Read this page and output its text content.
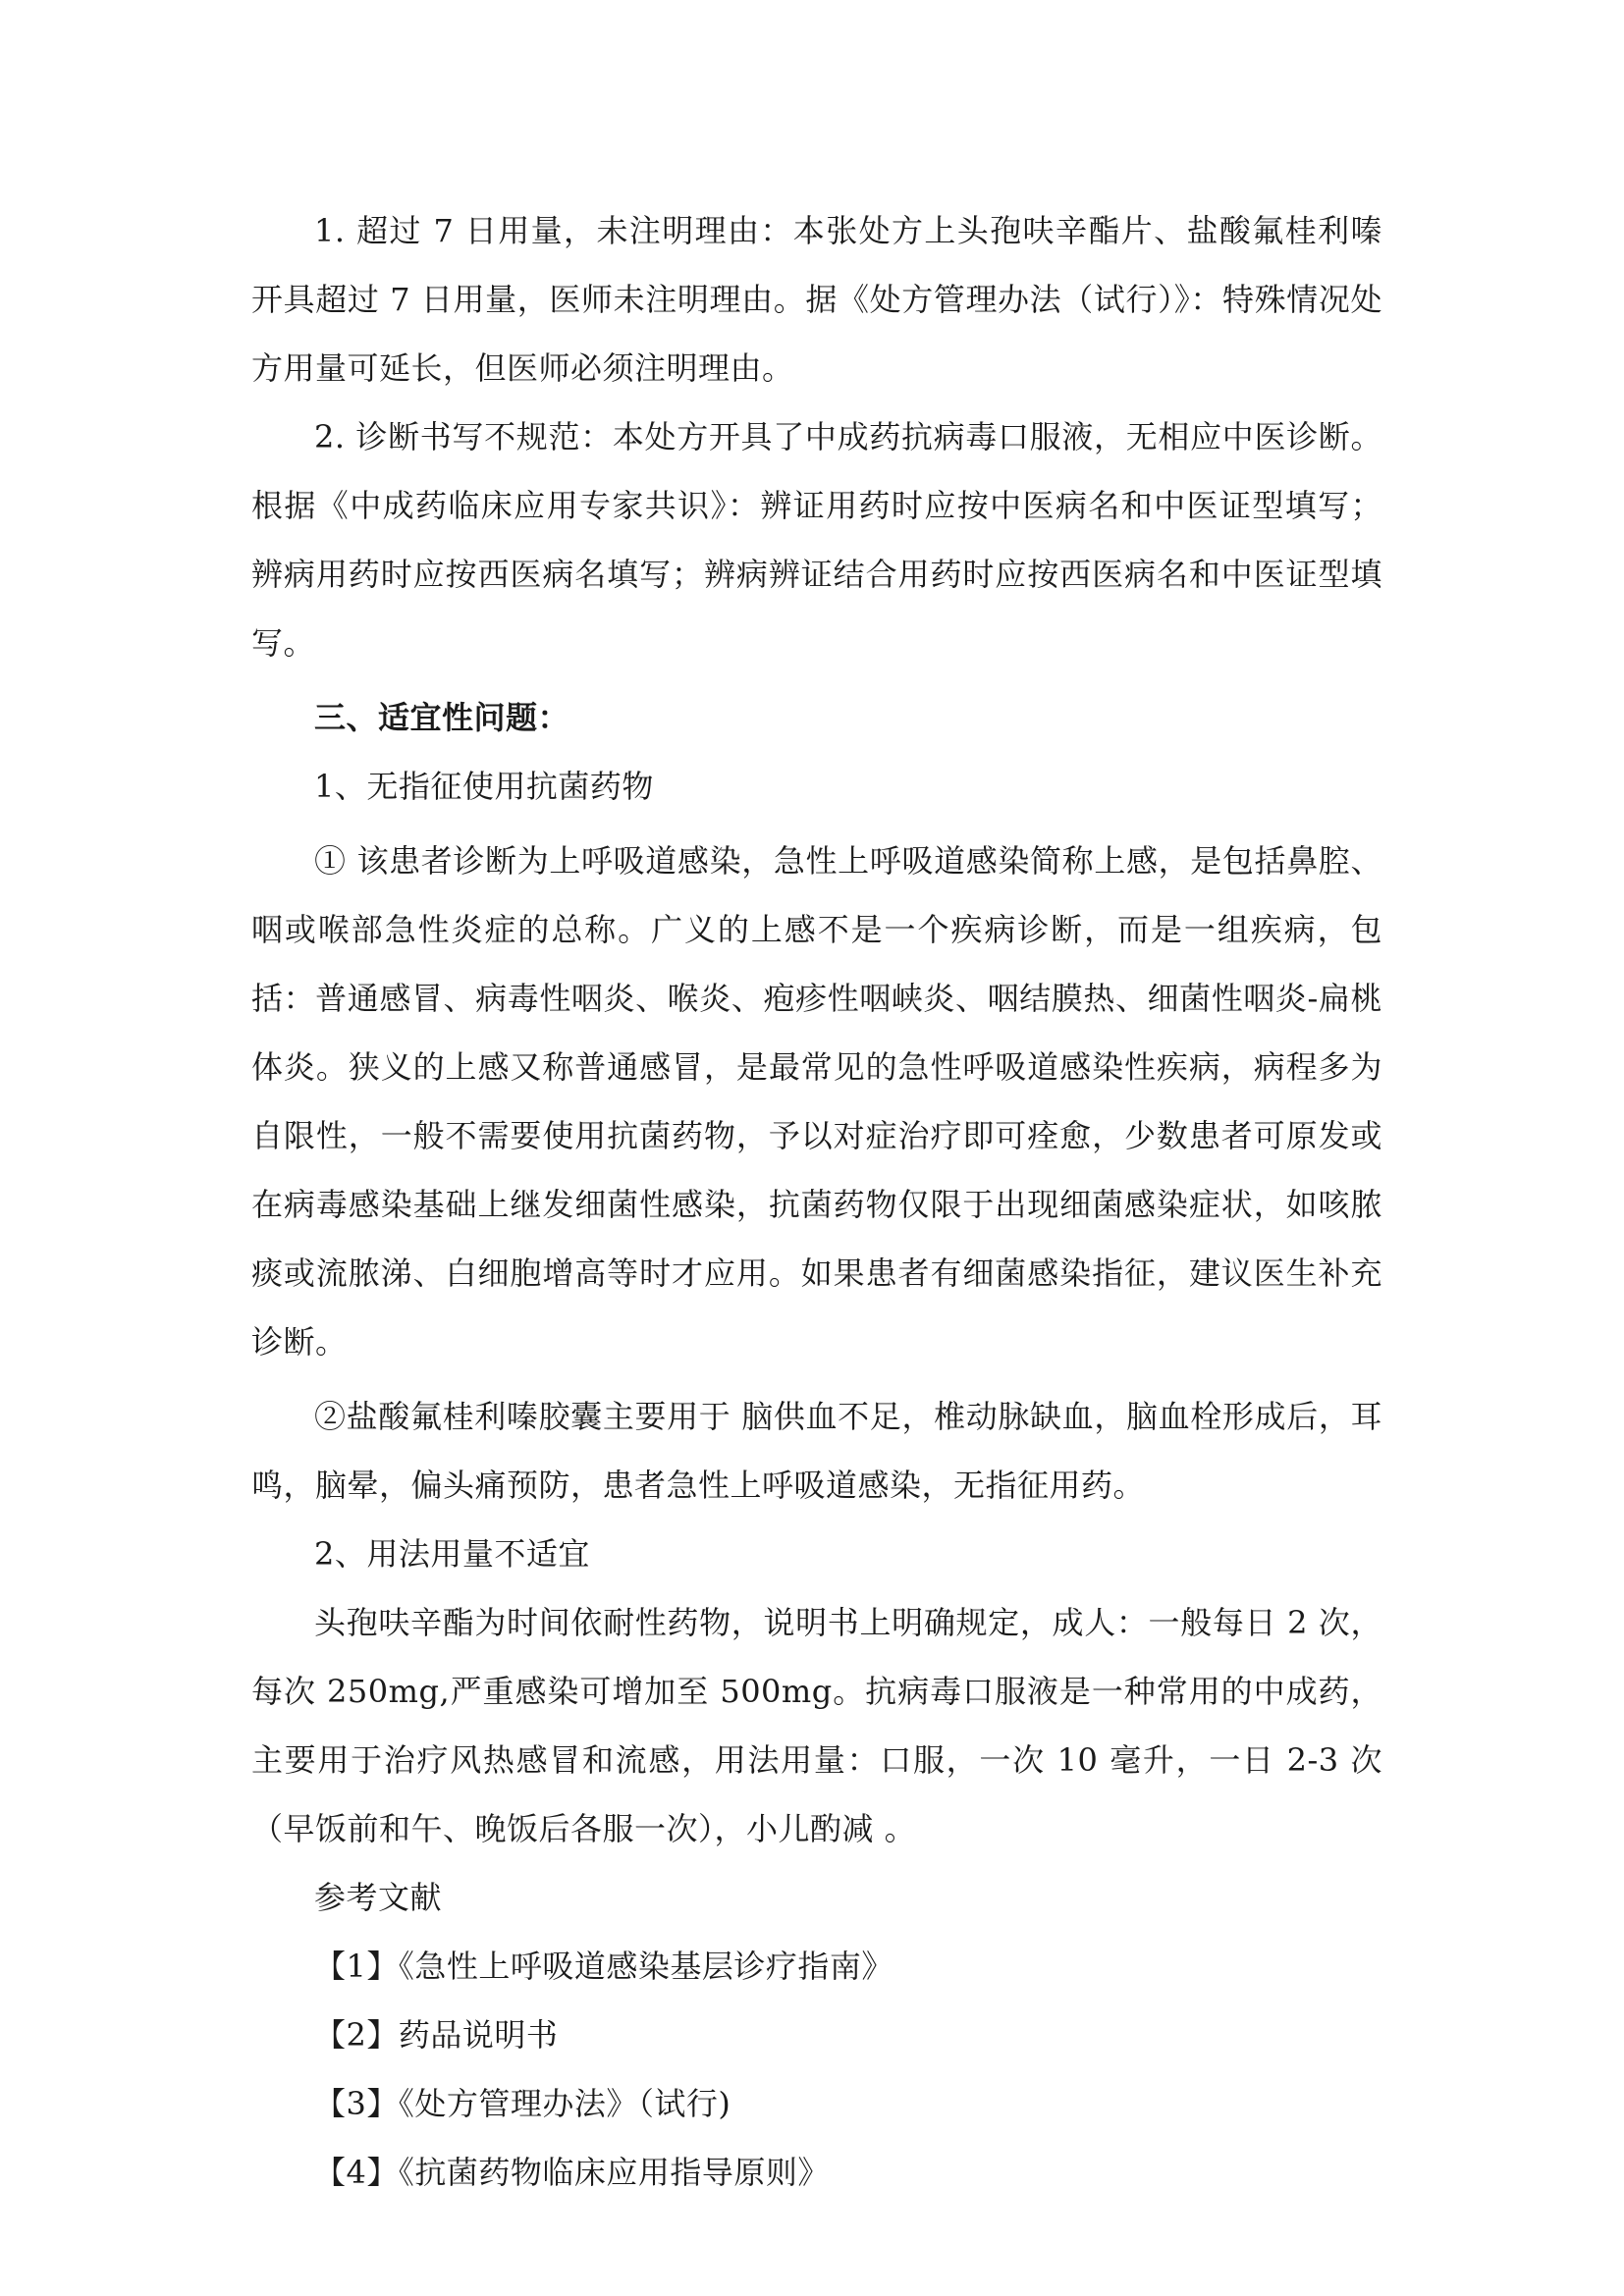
1. 超过 7 日用量，未注明理由：本张处方上头孢呋辛酯片、盐酸氟桂利嗪开具超过 7 日用量，医师未注明理由。据《处方管理办法（试行）》：特殊情况处方用量可延长，但医师必须注明理由。

2. 诊断书写不规范：本处方开具了中成药抗病毒口服液，无相应中医诊断。根据《中成药临床应用专家共识》：辨证用药时应按中医病名和中医证型填写；辨病用药时应按西医病名填写；辨病辨证结合用药时应按西医病名和中医证型填写。

三、适宜性问题：

1、无指征使用抗菌药物

① 该患者诊断为上呼吸道感染，急性上呼吸道感染简称上感，是包括鼻腔、咽或喉部急性炎症的总称。广义的上感不是一个疾病诊断，而是一组疾病，包括：普通感冒、病毒性咽炎、喉炎、疱疹性咽峡炎、咽结膜热、细菌性咽炎-扁桃体炎。狭义的上感又称普通感冒，是最常见的急性呼吸道感染性疾病，病程多为自限性，一般不需要使用抗菌药物，予以对症治疗即可痊愈，少数患者可原发或在病毒感染基础上继发细菌性感染，抗菌药物仅限于出现细菌感染症状，如咳脓痰或流脓涕、白细胞增高等时才应用。如果患者有细菌感染指征，建议医生补充诊断。

②盐酸氟桂利嗪胶囊主要用于 脑供血不足，椎动脉缺血，脑血栓形成后，耳鸣，脑晕，偏头痛预防，患者急性上呼吸道感染，无指征用药。

2、用法用量不适宜

头孢呋辛酯为时间依耐性药物，说明书上明确规定，成人：一般每日 2 次，每次 250mg,严重感染可增加至 500mg。抗病毒口服液是一种常用的中成药，主要用于治疗风热感冒和流感，用法用量：口服，一次 10 毫升，一日 2-3 次（早饭前和午、晚饭后各服一次），小儿酌减 。

参考文献

【1】《急性上呼吸道感染基层诊疗指南》

【2】药品说明书

【3】《处方管理办法》（试行)

【4】《抗菌药物临床应用指导原则》
